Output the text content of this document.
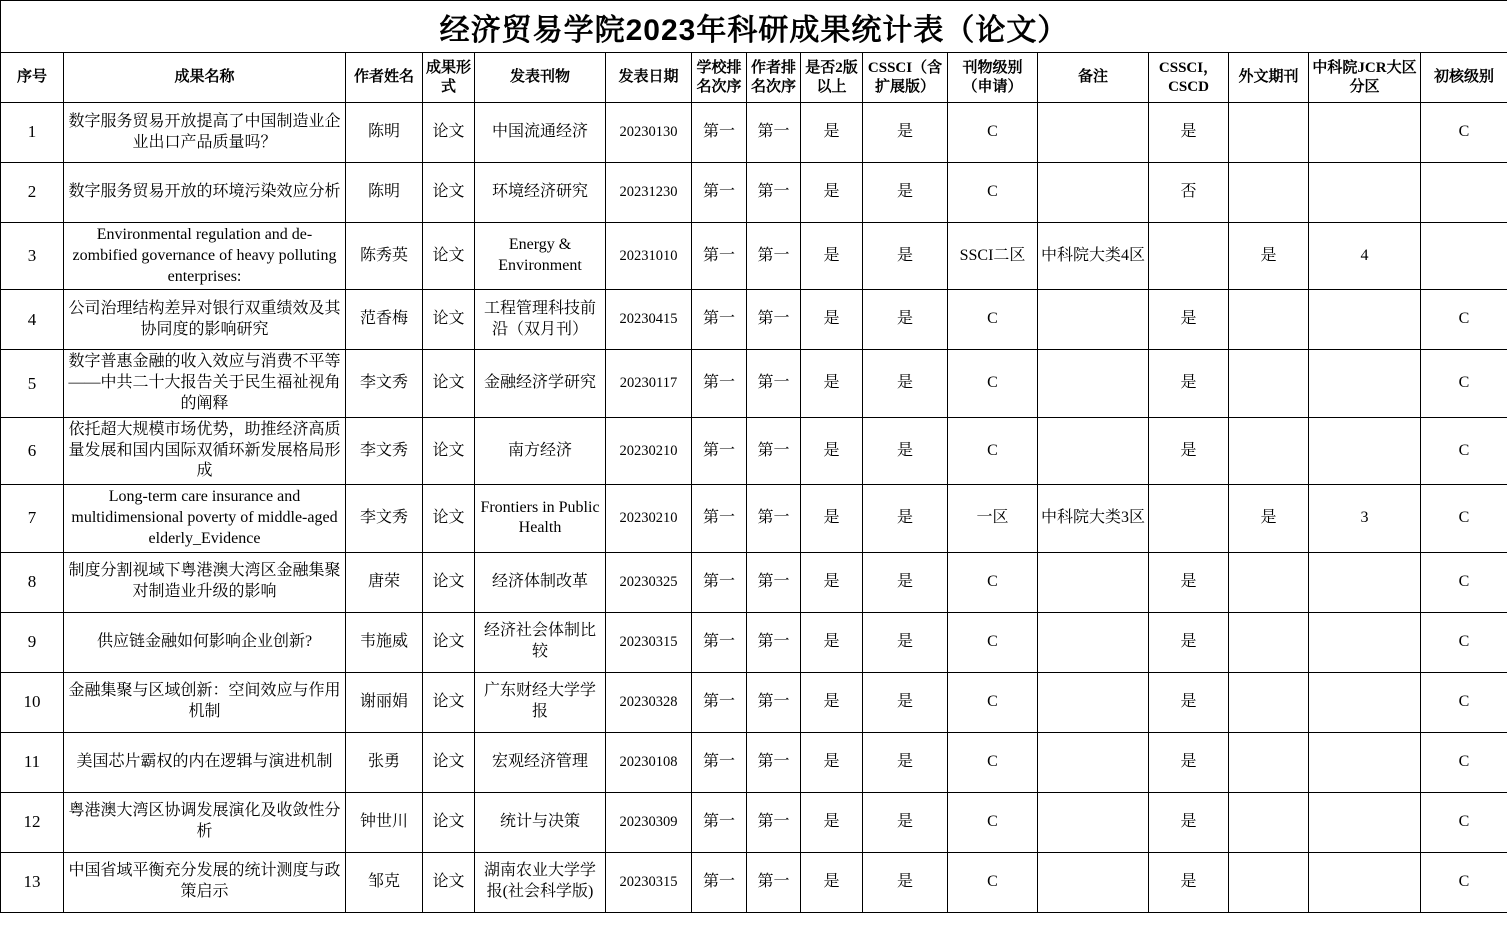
经济贸易学院2023年科研成果统计表（论文）															
序号	成果名称	作者姓名	成果形式	发表刊物	发表日期	学校排名次序	作者排名次序	是否2版以上	CSSCI（含扩展版）	刊物级别（申请）	备注	CSSCI，CSCD	外文期刊	中科院JCR大区分区	初核级别
1	数字服务贸易开放提高了中国制造业企业出口产品质量吗？	陈明	论文	中国流通经济	20230130	第一	第一	是	是	C		是			C
2	数字服务贸易开放的环境污染效应分析	陈明	论文	环境经济研究	20231230	第一	第一	是	是	C		否			
3	Environmental regulation and de-zombified governance of heavy polluting enterprises:	陈秀英	论文	Energy & Environment	20231010	第一	第一	是	是	SSCI二区	中科院大类4区		是	4	
4	公司治理结构差异对银行双重绩效及其协同度的影响研究	范香梅	论文	工程管理科技前沿（双月刊）	20230415	第一	第一	是	是	C		是			C
5	数字普惠金融的收入效应与消费不平等——中共二十大报告关于民生福祉视角的阐释	李文秀	论文	金融经济学研究	20230117	第一	第一	是	是	C		是			C
6	依托超大规模市场优势，助推经济高质量发展和国内国际双循环新发展格局形成	李文秀	论文	南方经济	20230210	第一	第一	是	是	C		是			C
7	Long-term care insurance and multidimensional poverty of middle-aged elderly_Evidence	李文秀	论文	Frontiers in Public Health	20230210	第一	第一	是	是	一区	中科院大类3区		是	3	C
8	制度分割视域下粤港澳大湾区金融集聚对制造业升级的影响	唐荣	论文	经济体制改革	20230325	第一	第一	是	是	C		是			C
9	供应链金融如何影响企业创新?	韦施威	论文	经济社会体制比较	20230315	第一	第一	是	是	C		是			C
10	金融集聚与区域创新：空间效应与作用机制	谢丽娟	论文	广东财经大学学报	20230328	第一	第一	是	是	C		是			C
11	美国芯片霸权的内在逻辑与演进机制	张勇	论文	宏观经济管理	20230108	第一	第一	是	是	C		是			C
12	粤港澳大湾区协调发展演化及收敛性分析	钟世川	论文	统计与决策	20230309	第一	第一	是	是	C		是			C
13	中国省域平衡充分发展的统计测度与政策启示	邹克	论文	湖南农业大学学报(社会科学版)	20230315	第一	第一	是	是	C		是			C
